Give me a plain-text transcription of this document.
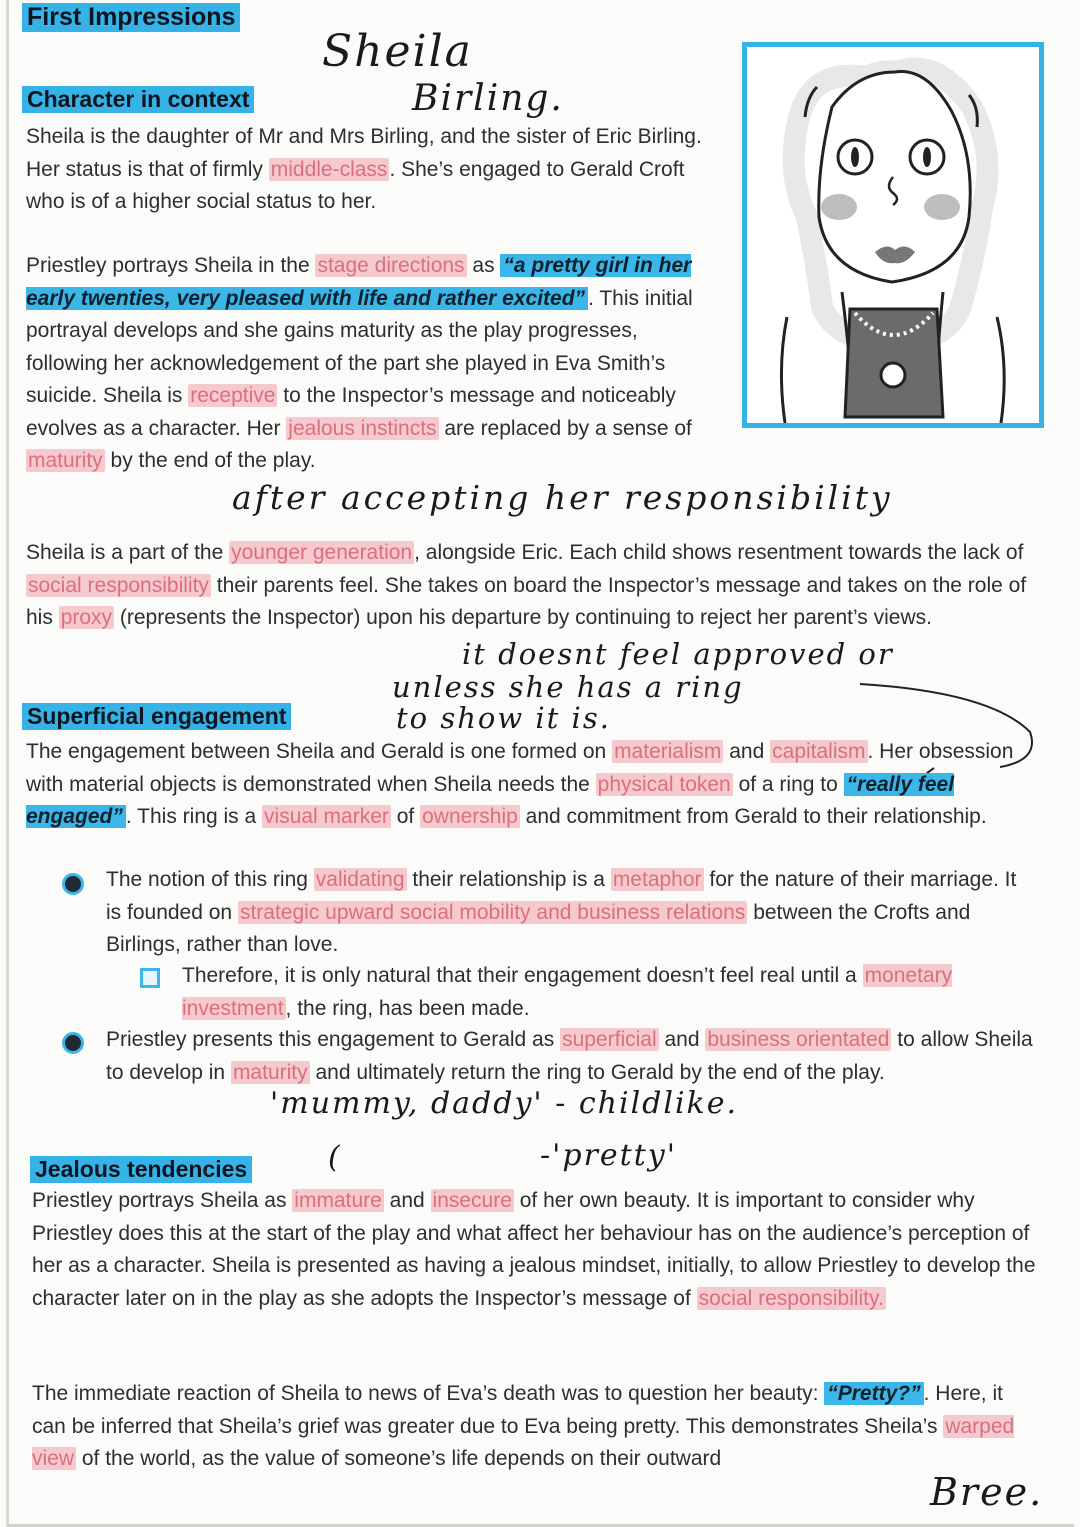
First Impressions
Sheila
Birling.
Character in context
Sheila is the daughter of Mr and Mrs Birling, and the sister of Eric Birling. Her status is that of firmly middle-class. She’s engaged to Gerald Croft who is of a higher social status to her.
Priestley portrays Sheila in the stage directions as “a pretty girl in her early twenties, very pleased with life and rather excited” . This initial portrayal develops and she gains maturity as the play progresses, following her acknowledgement of the part she played in Eva Smith’s suicide. Sheila is receptive to the Inspector’s message and noticeably evolves as a character. Her jealous instincts are replaced by a sense of maturity by the end of the play.
after accepting her responsibility
Sheila is a part of the younger generation, alongside Eric. Each child shows resentment towards the lack of social responsibility their parents feel. She takes on board the Inspector’s message and takes on the role of his proxy (represents the Inspector) upon his departure by continuing to reject her parent’s views.
it doesnt feel approved or
unless she has a ring
to show it is.
Superficial engagement
The engagement between Sheila and Gerald is one formed on materialism and capitalism. Her obsession with material objects is demonstrated when Sheila needs the physical token of a ring to “really feel engaged” . This ring is a visual marker of ownership and commitment from Gerald to their relationship.
The notion of this ring validating their relationship is a metaphor for the nature of their marriage. It is founded on strategic upward social mobility and business relations between the Crofts and Birlings, rather than love.
Therefore, it is only natural that their engagement doesn’t feel real until a monetary investment, the ring, has been made.
Priestley presents this engagement to Gerald as superficial and business orientated to allow Sheila to develop in maturity and ultimately return the ring to Gerald by the end of the play.
'mummy, daddy' - childlike.
(	-'pretty'
Jealous tendencies
Priestley portrays Sheila as immature and insecure of her own beauty. It is important to consider why Priestley does this at the start of the play and what affect her behaviour has on the audience’s perception of her as a character. Sheila is presented as having a jealous mindset, initially, to allow Priestley to develop the character later on in the play as she adopts the Inspector’s message of social responsibility.
The immediate reaction of Sheila to news of Eva’s death was to question her beauty: “Pretty?” . Here, it can be inferred that Sheila’s grief was greater due to Eva being pretty. This demonstrates Sheila’s warped view of the world, as the value of someone’s life depends on their outward
Bree.
